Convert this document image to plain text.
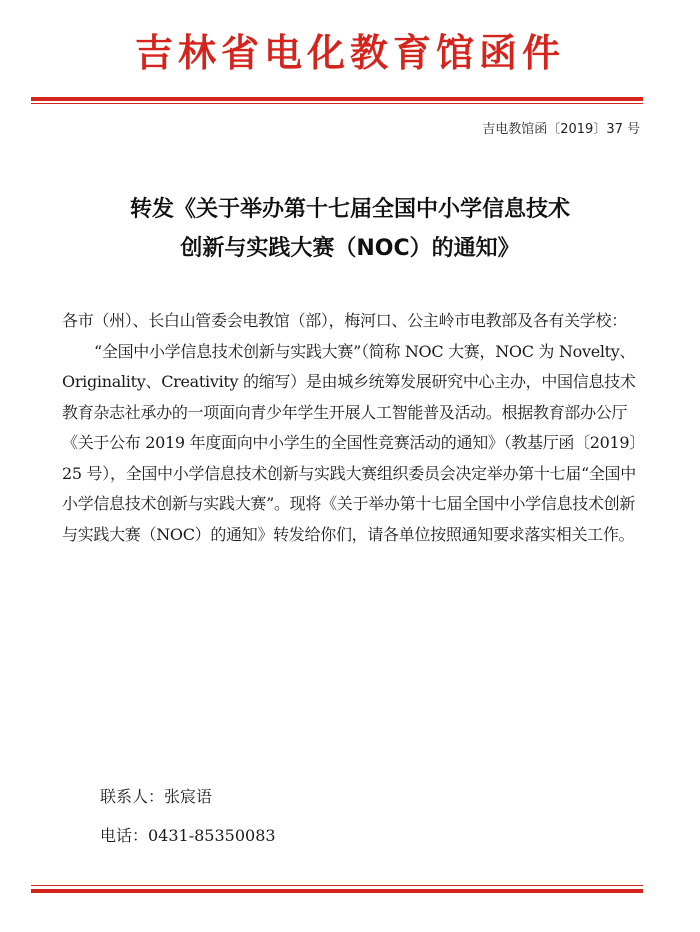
吉林省电化教育馆函件
吉电教馆函〔2019〕37 号
转发《关于举办第十七届全国中小学信息技术
创新与实践大赛（NOC）的通知》

各市（州）、长白山管委会电教馆（部），梅河口、公主岭市电教部及各有关学校：

“全国中小学信息技术创新与实践大赛”（简称 NOC 大赛，NOC 为 Novelty、Originality、Creativity 的缩写）是由城乡统筹发展研究中心主办，中国信息技术教育杂志社承办的一项面向青少年学生开展人工智能普及活动。根据教育部办公厅《关于公布 2019 年度面向中小学生的全国性竞赛活动的通知》（教基厅函〔2019〕25 号），全国中小学信息技术创新与实践大赛组织委员会决定举办第十七届“全国中小学信息技术创新与实践大赛”。现将《关于举办第十七届全国中小学信息技术创新与实践大赛（NOC）的通知》转发给你们，请各单位按照通知要求落实相关工作。

联系人：张宸语
电话：0431-85350083
